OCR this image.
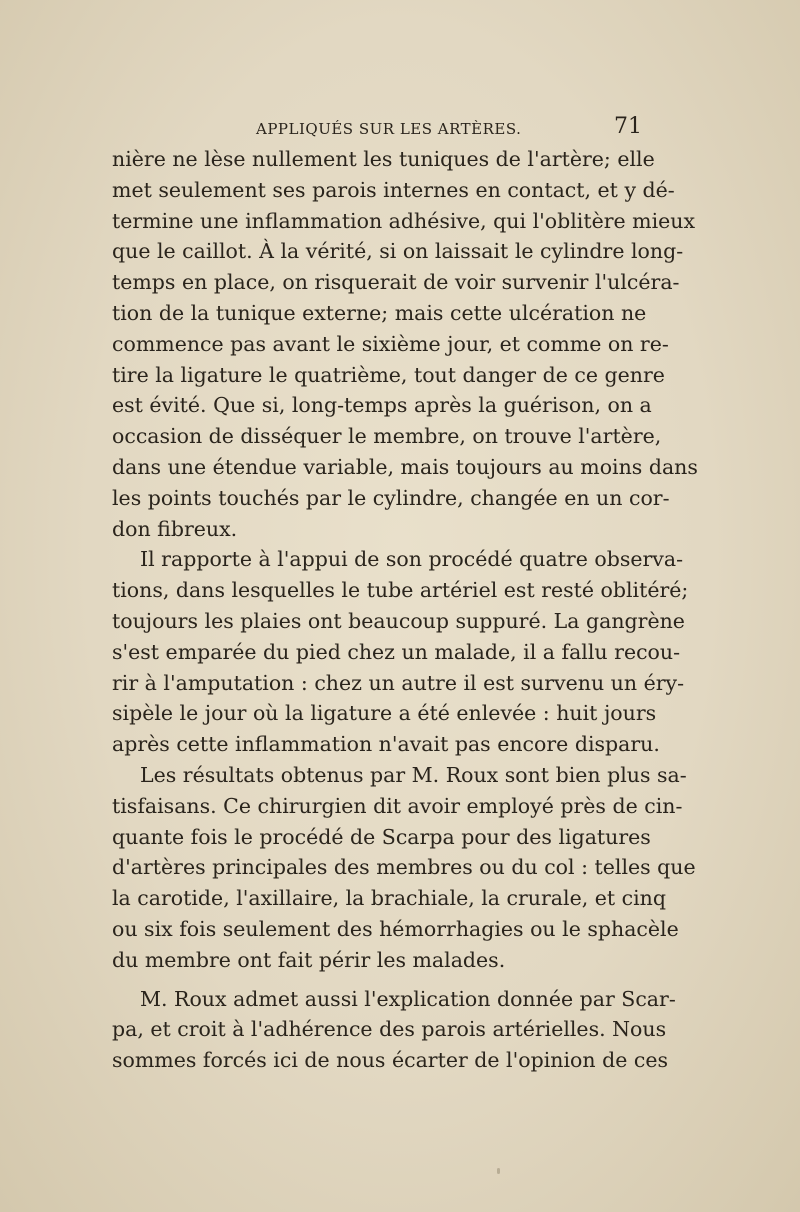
APPLIQUÉS SUR LES ARTÈRES.	71
nière ne lèse nullement les tuniques de l'artère; elle
met seulement ses parois internes en contact, et y dé-
termine une inflammation adhésive, qui l'oblitère mieux
que le caillot. À la vérité, si on laissait le cylindre long-
temps en place, on risquerait de voir survenir l'ulcéra-
tion de la tunique externe; mais cette ulcération ne
commence pas avant le sixième jour, et comme on re-
tire la ligature le quatrième, tout danger de ce genre
est évité. Que si, long-temps après la guérison, on a
occasion de disséquer le membre, on trouve l'artère,
dans une étendue variable, mais toujours au moins dans
les points touchés par le cylindre, changée en un cor-
don fibreux.
Il rapporte à l'appui de son procédé quatre observa-
tions, dans lesquelles le tube artériel est resté oblitéré;
toujours les plaies ont beaucoup suppuré. La gangrène
s'est emparée du pied chez un malade, il a fallu recou-
rir à l'amputation : chez un autre il est survenu un éry-
sipèle le jour où la ligature a été enlevée : huit jours
après cette inflammation n'avait pas encore disparu.
Les résultats obtenus par M. Roux sont bien plus sa-
tisfaisans. Ce chirurgien dit avoir employé près de cin-
quante fois le procédé de Scarpa pour des ligatures
d'artères principales des membres ou du col : telles que
la carotide, l'axillaire, la brachiale, la crurale, et cinq
ou six fois seulement des hémorrhagies ou le sphacèle
du membre ont fait périr les malades.
M. Roux admet aussi l'explication donnée par Scar-
pa, et croit à l'adhérence des parois artérielles. Nous
sommes forcés ici de nous écarter de l'opinion de ces
